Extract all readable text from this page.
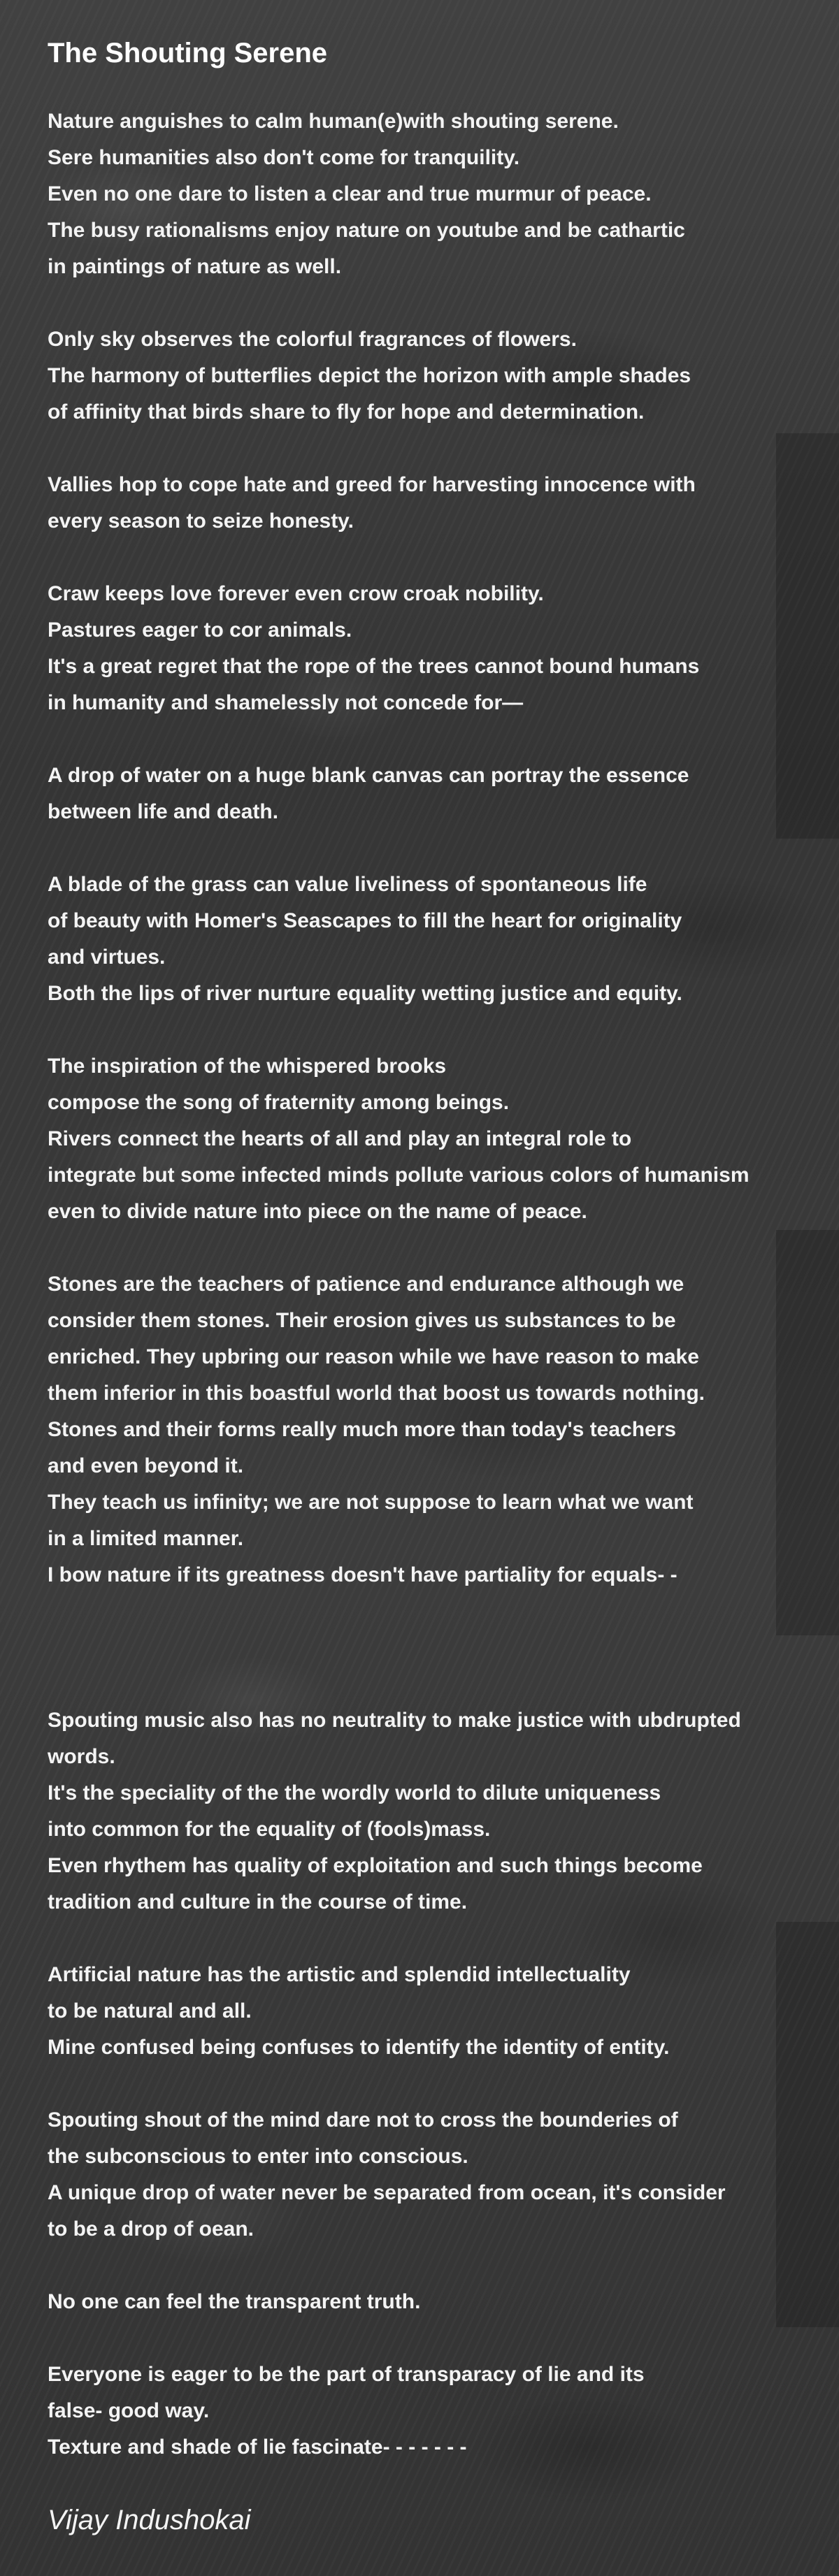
The Shouting Serene

Nature anguishes to calm human(e)with shouting serene.
Sere humanities also don't come for tranquility.
Even no one dare to listen a clear and true murmur of peace.
The busy rationalisms enjoy nature on youtube and be cathartic
in paintings of nature as well.

Only sky observes the colorful fragrances of flowers.
The harmony of butterflies depict the horizon with ample shades
of affinity that birds share to fly for hope and determination.

Vallies hop to cope hate and greed for harvesting innocence with
every season to seize honesty.

Craw keeps love forever even crow croak nobility.
Pastures eager to cor animals.
It's a great regret that the rope of the trees cannot bound humans
in humanity and shamelessly not concede for—

A drop of water on a huge blank canvas can portray the essence
between life and death.

A blade of the grass can value liveliness of spontaneous life
of beauty with Homer's Seascapes to fill the heart for originality
and virtues.
Both the lips of river nurture equality wetting justice and equity.

The inspiration of the whispered brooks
compose the song of fraternity among beings.
Rivers connect the hearts of all and play an integral role to
integrate but some infected minds pollute various colors of humanism
even to divide nature into piece on the name of peace.

Stones are the teachers of patience and endurance although we
consider them stones. Their erosion gives us substances to be
enriched. They upbring our reason while we have reason to make
them inferior in this boastful world that boost us towards nothing.
Stones and their forms really much more than today's teachers
and even beyond it.
They teach us infinity; we are not suppose to learn what we want
in a limited manner.
I bow nature if its greatness doesn't have partiality for equals- -

Spouting music also has no neutrality to make justice with ubdrupted
words.
It's the speciality of the the wordly world to dilute uniqueness
into common for the equality of (fools)mass.
Even rhythem has quality of exploitation and such things become
tradition and culture in the course of time.

Artificial nature has the artistic and splendid intellectuality
to be natural and all.
Mine confused being confuses to identify the identity of entity.

Spouting shout of the mind dare not to cross the bounderies of
the subconscious to enter into conscious.
A unique drop of water never be separated from ocean, it's consider
to be a drop of oean.

No one can feel the transparent truth.

Everyone is eager to be the part of transparacy of lie and its
false- good way.
Texture and shade of lie fascinate- - - - - - -

Vijay Indushokai
